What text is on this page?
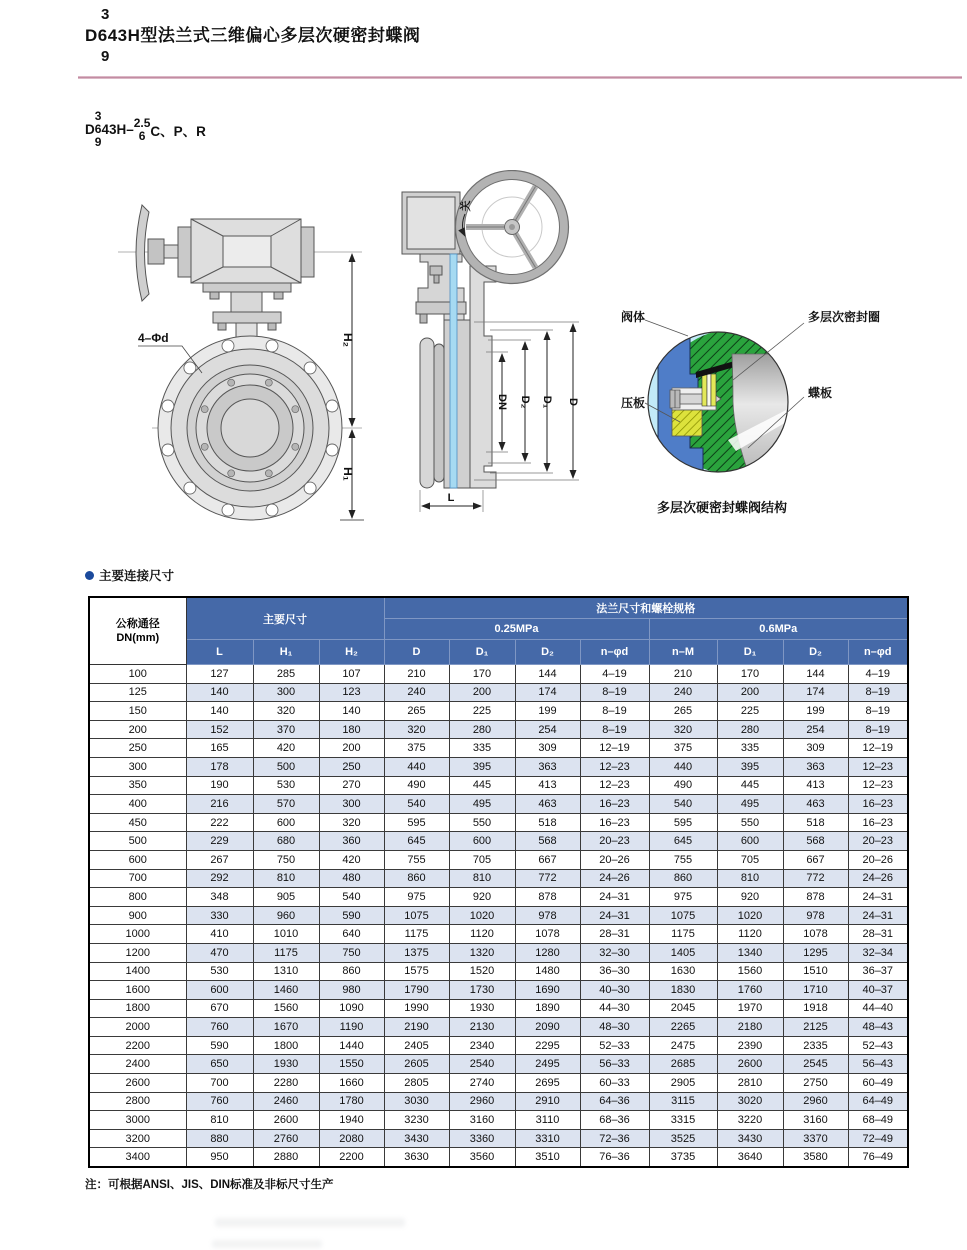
3
D643H型法兰式三维偏心多层次硬密封蝶阀
9
D
3
6
9
43H– 2.5
6 C、P、R
4–Φd	H₂
H₁
关
DN D₂ D₁ D
L
阀体	多层次密封圈
压板
蝶板
多层次硬密封蝶阀结构
主要连接尺寸
公称通径
DN(mm)	主要尺寸			法兰尺寸和螺栓规格							
				0.25MPa				0.6MPa			
	L	H₁	H₂	D	D₁	D₂	n–φd	n–M	D₁	D₂	n–φd
100	127	285	107	210	170	144	4–19	210	170	144	4–19
125	140	300	123	240	200	174	8–19	240	200	174	8–19
150	140	320	140	265	225	199	8–19	265	225	199	8–19
200	152	370	180	320	280	254	8–19	320	280	254	8–19
250	165	420	200	375	335	309	12–19	375	335	309	12–19
300	178	500	250	440	395	363	12–23	440	395	363	12–23
350	190	530	270	490	445	413	12–23	490	445	413	12–23
400	216	570	300	540	495	463	16–23	540	495	463	16–23
450	222	600	320	595	550	518	16–23	595	550	518	16–23
500	229	680	360	645	600	568	20–23	645	600	568	20–23
600	267	750	420	755	705	667	20–26	755	705	667	20–26
700	292	810	480	860	810	772	24–26	860	810	772	24–26
800	348	905	540	975	920	878	24–31	975	920	878	24–31
900	330	960	590	1075	1020	978	24–31	1075	1020	978	24–31
1000	410	1010	640	1175	1120	1078	28–31	1175	1120	1078	28–31
1200	470	1175	750	1375	1320	1280	32–30	1405	1340	1295	32–34
1400	530	1310	860	1575	1520	1480	36–30	1630	1560	1510	36–37
1600	600	1460	980	1790	1730	1690	40–30	1830	1760	1710	40–37
1800	670	1560	1090	1990	1930	1890	44–30	2045	1970	1918	44–40
2000	760	1670	1190	2190	2130	2090	48–30	2265	2180	2125	48–43
2200	590	1800	1440	2405	2340	2295	52–33	2475	2390	2335	52–43
2400	650	1930	1550	2605	2540	2495	56–33	2685	2600	2545	56–43
2600	700	2280	1660	2805	2740	2695	60–33	2905	2810	2750	60–49
2800	760	2460	1780	3030	2960	2910	64–36	3115	3020	2960	64–49
3000	810	2600	1940	3230	3160	3110	68–36	3315	3220	3160	68–49
3200	880	2760	2080	3430	3360	3310	72–36	3525	3430	3370	72–49
3400	950	2880	2200	3630	3560	3510	76–36	3735	3640	3580	76–49
注：可根据ANSI、JIS、DIN标准及非标尺寸生产
